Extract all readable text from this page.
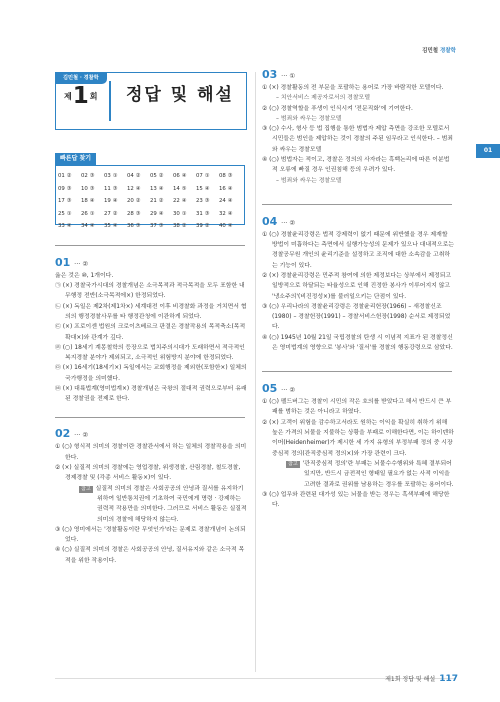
김민철 경찰학
김민철 · 경찰학
제1회 정답 및 해설
빠른답 찾기
01 ②	02 ③	03 ①	04 ②	05 ②	06 ④	07 ①	08 ③
09 ③	10 ③	11 ③	12 ④	13 ④	14 ⑤	15 ④	16 ④
17 ③	18 ④	19 ④	20 ②	21 ②	22 ④	23 ③	24 ④
25 ①	26 ①	27 ②	28 ③	29 ④	30 ①	31 ③	32 ④
33 ④	34 ④	35 ④	36 ③	37 ③	38 ②	39 ②	40 ④
01 ··· ②

옳은 것은 ⑩, 1개이다.

㉠ (×) 경찰국가시대의 경찰개념은 소극목적과 적극목적을 모두 포함한 내무행정 전반(소극목적에×) 한정되었다.

㉡ (×) 독일은 제2차(제1차×) 세계대전 이후 비경찰화 과정을 거치면서 협의의 행정경찰사무를 타 행정관청에 이관하게 되었다.

㉢ (×) 프로이센 법원의 크로이츠베르크 판결은 경찰작용의 목적축소(목적확대×)와 관계가 깊다.

㉣ (○) 18세기 계몽철학의 등장으로 법치주의시대가 도래하면서 적극적인 복지경찰 분야가 제외되고, 소극적인 위험방지 분야에 한정되었다.

㉤ (×) 16세기(18세기×) 독일에서는 교회행정을 제외한(포함한×) 일체의 국가행정을 의미했다.

㉥ (×) 대륙법계(영미법계×) 경찰개념은 국왕의 절대적 권력으로부터 유래된 경찰권을 전제로 한다.

02 ··· ②

① (○) 형식적 의미의 경찰이란 경찰관서에서 하는 일체의 경찰작용을 의미한다.

② (×) 실질적 의미의 경찰에는 영업경찰, 위생경찰, 산림경찰, 철도경찰, 경제경찰 및 (각종 서비스 활동×)이 있다.

참고 실질적 의미의 경찰은 사회공공의 안녕과 질서를 유지하기 위하여 일반통치권에 기초하여 국민에게 명령 · 강제하는 권력적 작용만을 의미한다. 그러므로 서비스 활동은 실질적 의미의 경찰에 해당하지 않는다.

③ (○) 영미에서는 '경찰활동이란 무엇인가'라는 문제로 경찰개념이 논의되었다.

④ (○) 실질적 의미의 경찰은 사회공공의 안녕, 질서유지와 같은 소극적 목적을 위한 작용이다.

03 ··· ①

① (×) 경찰활동의 전 부문을 포괄하는 용어로 가장 바람직한 모델이다.

– 치안서비스 제공자로서의 경찰모델

② (○) 경찰역할을 푸생이 인식시켜 '전문직화'에 기여한다.

– 범죄와 싸우는 경찰모델

③ (○) 수사, 형사 등 법 집행을 통한 범법자 제압 측면을 강조한 모델로서 시민들은 범인을 제압하는 것이 경찰의 주된 임무라고 인식한다. – 범죄와 싸우는 경찰모델

④ (○) 범법자는 적이고, 경찰은 정의의 사자라는 흑백논리에 따른 이분법적 오류에 빠질 경우 인권침해 등의 우려가 있다.

– 범죄와 싸우는 경찰모델

04 ··· ②

① (○) 경찰윤리강령은 법적 강제력이 없기 때문에 위반했을 경우 제재할 방법이 미흡하다는 측면에서 실행가능성의 문제가 있으나 대내적으로는 경찰공무원 개인의 윤리기준을 설정하고 조직에 대한 소속감을 고취하는 기능이 있다.

② (×) 경찰윤리강령은 민주적 참여에 의한 제정보다는 상부에서 제정되고 일방적으로 하달되는 타율성으로 인해 진정한 봉사가 이루어지지 않고 '냉소주의'(비진정성×)를 불러일으키는 단점이 있다.

③ (○) 우리나라의 경찰윤리강령은 경찰윤리헌장(1966) – 새경찰신조(1980) – 경찰헌장(1991) – 경찰서비스헌장(1998) 순서로 제정되었다.

④ (○) 1945년 10월 21일 국립경찰의 탄생 시 이념적 지표가 된 경찰정신은 영미법계의 영향으로 '봉사'와 '질서'를 경찰의 행동강령으로 삼았다.

05 ··· ②

① (○) 펠드버그는 경찰이 시민의 작은 호의를 받았다고 해서 반드시 큰 부패를 범하는 것은 아니라고 하였다.

② (×) 고객이 위험을 감수하고서라도 원하는 이익을 확실히 취하기 위해 높은 가격의 뇌물을 지불하는 상황을 부패로 이해한다면, 이는 하이덴하이머(Heidenheimer)가 제시한 세 가지 유형의 부정부패 정의 중 시장중심적 정의(관직중심적 정의×)와 가장 관련이 크다.

참고 '관직중심적 정의'란 부패는 뇌물수수행위와 특혜 결부되어 있지만, 반드시 금전적인 형태일 필요가 없는 사적 이익을 고려한 결과로 권위를 남용하는 경우를 포괄하는 용어이다.

③ (○) 업무와 관련된 대가성 있는 뇌물을 받는 경우는 흑색부패에 해당한다.

01
제1회 정답 및 해설 117
